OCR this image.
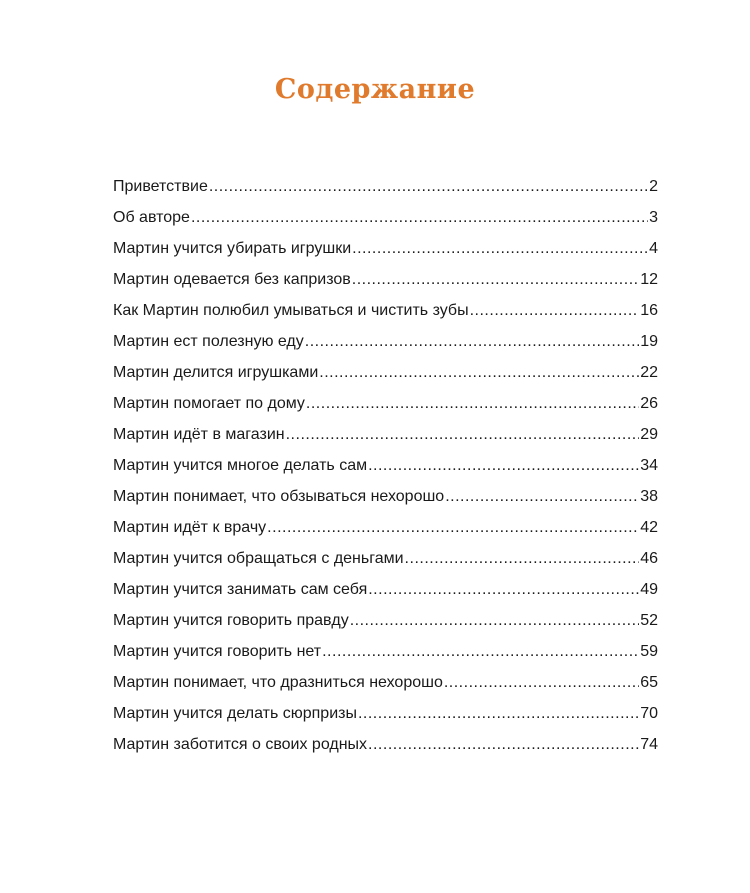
Содержание
Приветствие .....	2
Об авторе .....	3
Мартин учится убирать игрушки .....	4
Мартин одевается без капризов .....	12
Как Мартин полюбил умываться и чистить зубы .....	16
Мартин ест полезную еду .....	19
Мартин делится игрушками .....	22
Мартин помогает по дому .....	26
Мартин идёт в магазин .....	29
Мартин учится многое делать сам .....	34
Мартин понимает, что обзываться нехорошо .....	38
Мартин идёт к врачу .....	42
Мартин учится обращаться с деньгами .....	46
Мартин учится занимать сам себя .....	49
Мартин учится говорить правду .....	52
Мартин учится говорить нет .....	59
Мартин понимает, что дразниться нехорошо .....	65
Мартин учится делать сюрпризы .....	70
Мартин заботится о своих родных .....	74
